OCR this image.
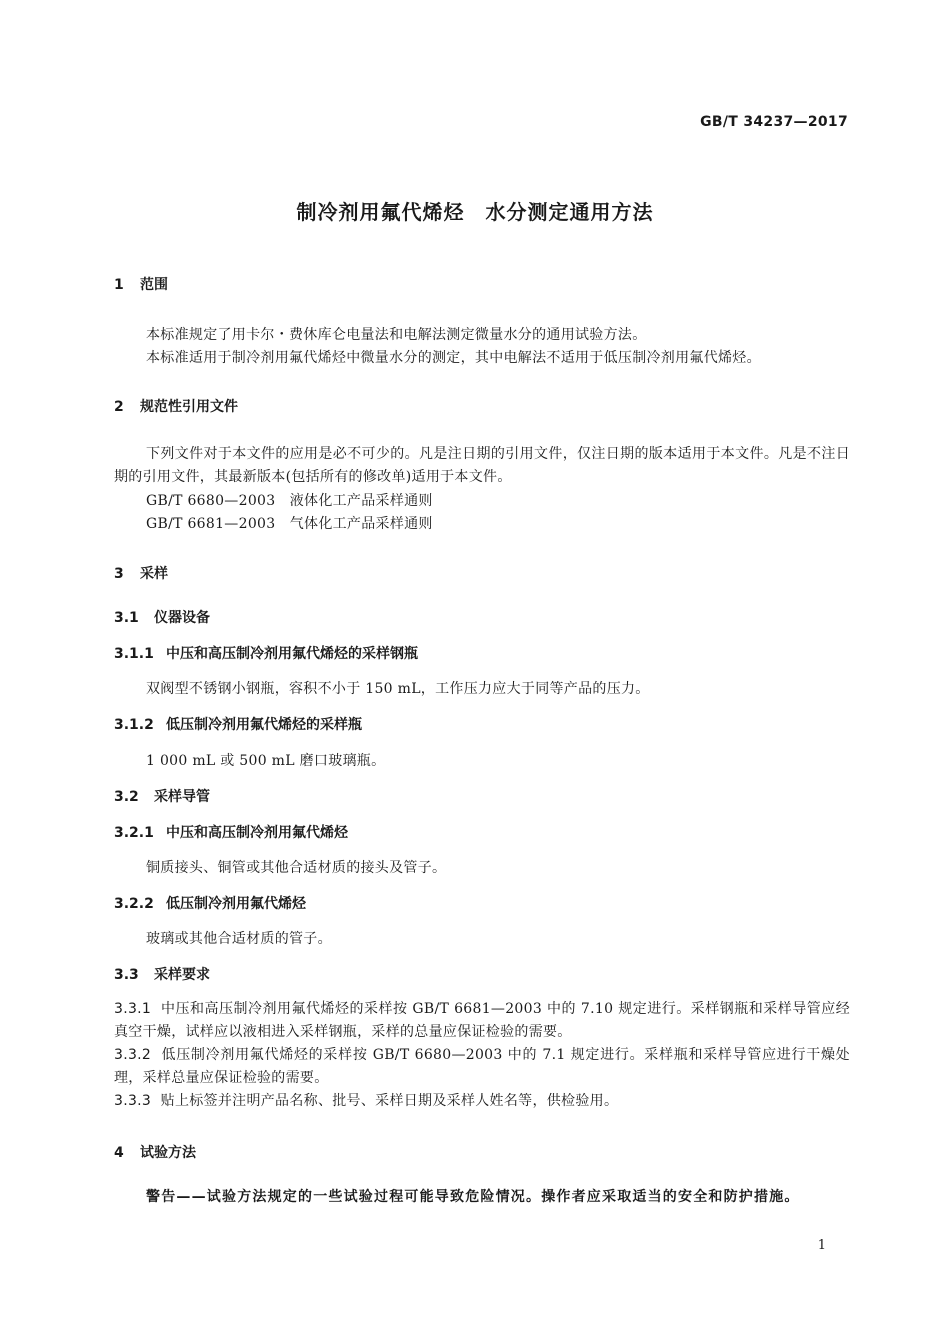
GB/T 34237—2017
制冷剂用氟代烯烃　水分测定通用方法
1 范围
本标准规定了用卡尔・费休库仑电量法和电解法测定微量水分的通用试验方法。
本标准适用于制冷剂用氟代烯烃中微量水分的测定，其中电解法不适用于低压制冷剂用氟代烯烃。
2 规范性引用文件

下列文件对于本文件的应用是必不可少的。凡是注日期的引用文件，仅注日期的版本适用于本文件。凡是不注日期的引用文件，其最新版本(包括所有的修改单)适用于本文件。

GB/T 6680—2003　液体化工产品采样通则
GB/T 6681—2003　气体化工产品采样通则
3 采样
3.1 仪器设备
3.1.1 中压和高压制冷剂用氟代烯烃的采样钢瓶
双阀型不锈钢小钢瓶，容积不小于 150 mL，工作压力应大于同等产品的压力。
3.1.2 低压制冷剂用氟代烯烃的采样瓶
1 000 mL 或 500 mL 磨口玻璃瓶。
3.2 采样导管
3.2.1 中压和高压制冷剂用氟代烯烃
铜质接头、铜管或其他合适材质的接头及管子。
3.2.2 低压制冷剂用氟代烯烃
玻璃或其他合适材质的管子。
3.3 采样要求

3.3.1 中压和高压制冷剂用氟代烯烃的采样按 GB/T 6681—2003 中的 7.10 规定进行。采样钢瓶和采样导管应经真空干燥，试样应以液相进入采样钢瓶，采样的总量应保证检验的需要。

3.3.2 低压制冷剂用氟代烯烃的采样按 GB/T 6680—2003 中的 7.1 规定进行。采样瓶和采样导管应进行干燥处理，采样总量应保证检验的需要。

3.3.3 贴上标签并注明产品名称、批号、采样日期及采样人姓名等，供检验用。

4 试验方法

警告——试验方法规定的一些试验过程可能导致危险情况。操作者应采取适当的安全和防护措施。

1
